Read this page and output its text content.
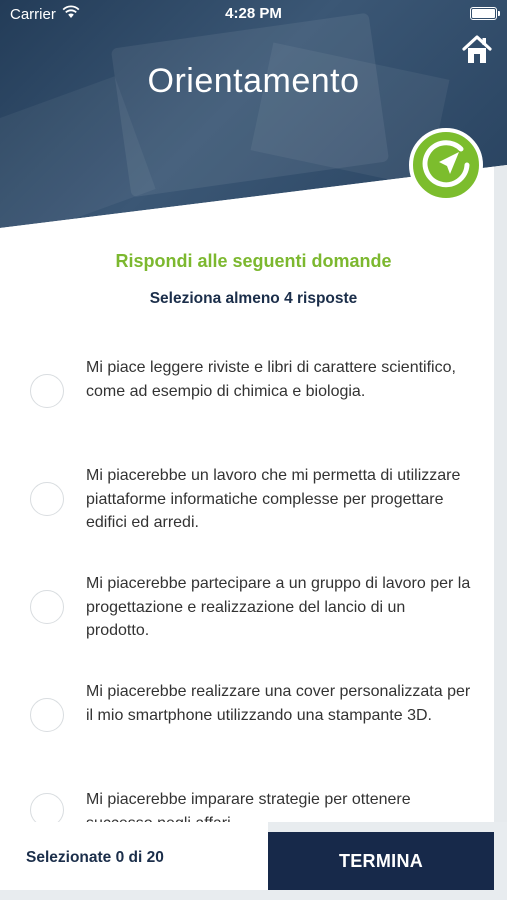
Carrier	4:28 PM
Orientamento
Rispondi alle seguenti domande
Seleziona almeno 4 risposte
Mi piace leggere riviste e libri di carattere scientifico, come ad esempio di chimica e biologia.
Mi piacerebbe un lavoro che mi permetta di utilizzare piattaforme informatiche complesse per progettare edifici ed arredi.
Mi piacerebbe partecipare a un gruppo di lavoro per la progettazione e realizzazione del lancio di un prodotto.
Mi piacerebbe realizzare una cover personalizzata per il mio smartphone utilizzando una stampante 3D.
Mi piacerebbe imparare strategie per ottenere
Selezionate 0 di 20	TERMINA
